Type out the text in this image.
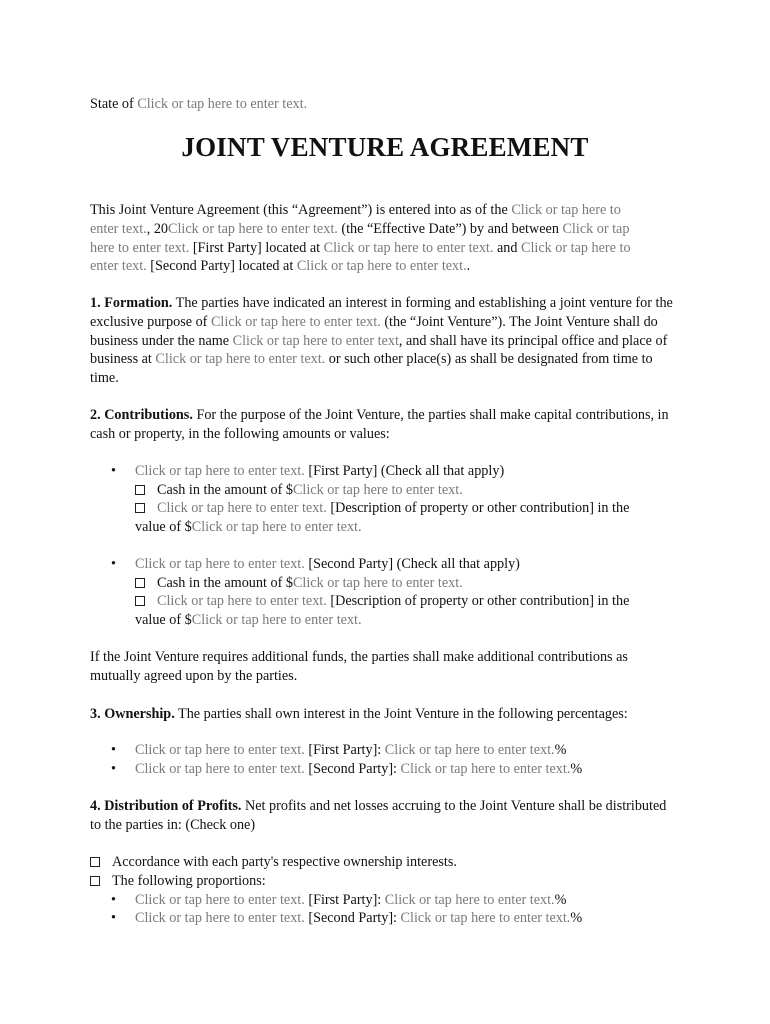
State of Click or tap here to enter text.

JOINT VENTURE AGREEMENT

This Joint Venture Agreement (this “Agreement”) is entered into as of the Click or tap here to
enter text., 20Click or tap here to enter text. (the “Effective Date”) by and between Click or tap
here to enter text. [First Party] located at Click or tap here to enter text. and Click or tap here to
enter text. [Second Party] located at Click or tap here to enter text..

1. Formation. The parties have indicated an interest in forming and establishing a joint venture for the exclusive purpose of Click or tap here to enter text. (the “Joint Venture”). The Joint Venture shall do business under the name Click or tap here to enter text, and shall have its principal office and place of business at Click or tap here to enter text. or such other place(s) as shall be designated from time to time.

2. Contributions. For the purpose of the Joint Venture, the parties shall make capital contributions, in cash or property, in the following amounts or values:

• Click or tap here to enter text. [First Party] (Check all that apply)
Cash in the amount of $Click or tap here to enter text.
Click or tap here to enter text. [Description of property or other contribution] in the
value of $Click or tap here to enter text.
• Click or tap here to enter text. [Second Party] (Check all that apply)
Cash in the amount of $Click or tap here to enter text.
Click or tap here to enter text. [Description of property or other contribution] in the
value of $Click or tap here to enter text.

If the Joint Venture requires additional funds, the parties shall make additional contributions as mutually agreed upon by the parties.

3. Ownership. The parties shall own interest in the Joint Venture in the following percentages:

• Click or tap here to enter text. [First Party]: Click or tap here to enter text.%
• Click or tap here to enter text. [Second Party]: Click or tap here to enter text.%

4. Distribution of Profits. Net profits and net losses accruing to the Joint Venture shall be distributed to the parties in: (Check one)

Accordance with each party's respective ownership interests.
The following proportions:
• Click or tap here to enter text. [First Party]: Click or tap here to enter text.%
• Click or tap here to enter text. [Second Party]: Click or tap here to enter text.%
